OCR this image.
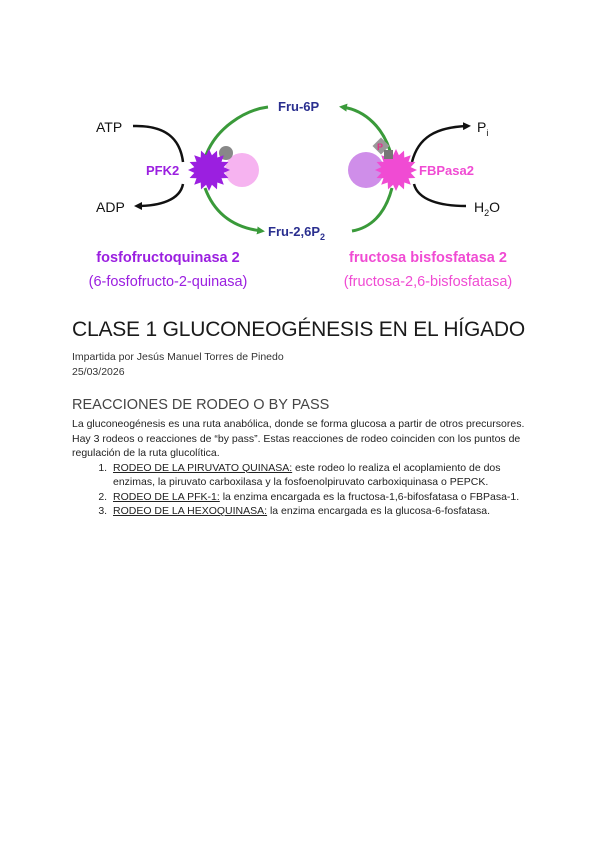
PFK2
P
FBPasa2
Fru-6P
Fru-$2,6P_2$
ATP
ADP
$P_i$
$H_2O$
fosfofructoquinasa 2
(6-fosfofructo-2-quinasa)
fructosa bisfosfatasa 2
(fructosa-2,6-bisfosfatasa)
CLASE 1 GLUCONEOGÉNESIS EN EL HÍGADO
Impartida por Jesús Manuel Torres de Pinedo
25/03/2026
REACCIONES DE RODEO O BY PASS

La gluconeogénesis es una ruta anabólica, donde se forma glucosa a partir de otros precursores. Hay 3 rodeos o reacciones de “by pass”. Estas reacciones de rodeo coinciden con los puntos de regulación de la ruta glucolítica.

1. RODEO DE LA PIRUVATO QUINASA: este rodeo lo realiza el acoplamiento de dos enzimas, la piruvato carboxilasa y la fosfoenolpiruvato carboxiquinasa o PEPCK.
2. RODEO DE LA PFK-1: la enzima encargada es la fructosa-1,6-bifosfatasa o FBPasa-1.
3. RODEO DE LA HEXOQUINASA: la enzima encargada es la glucosa-6-fosfatasa.
